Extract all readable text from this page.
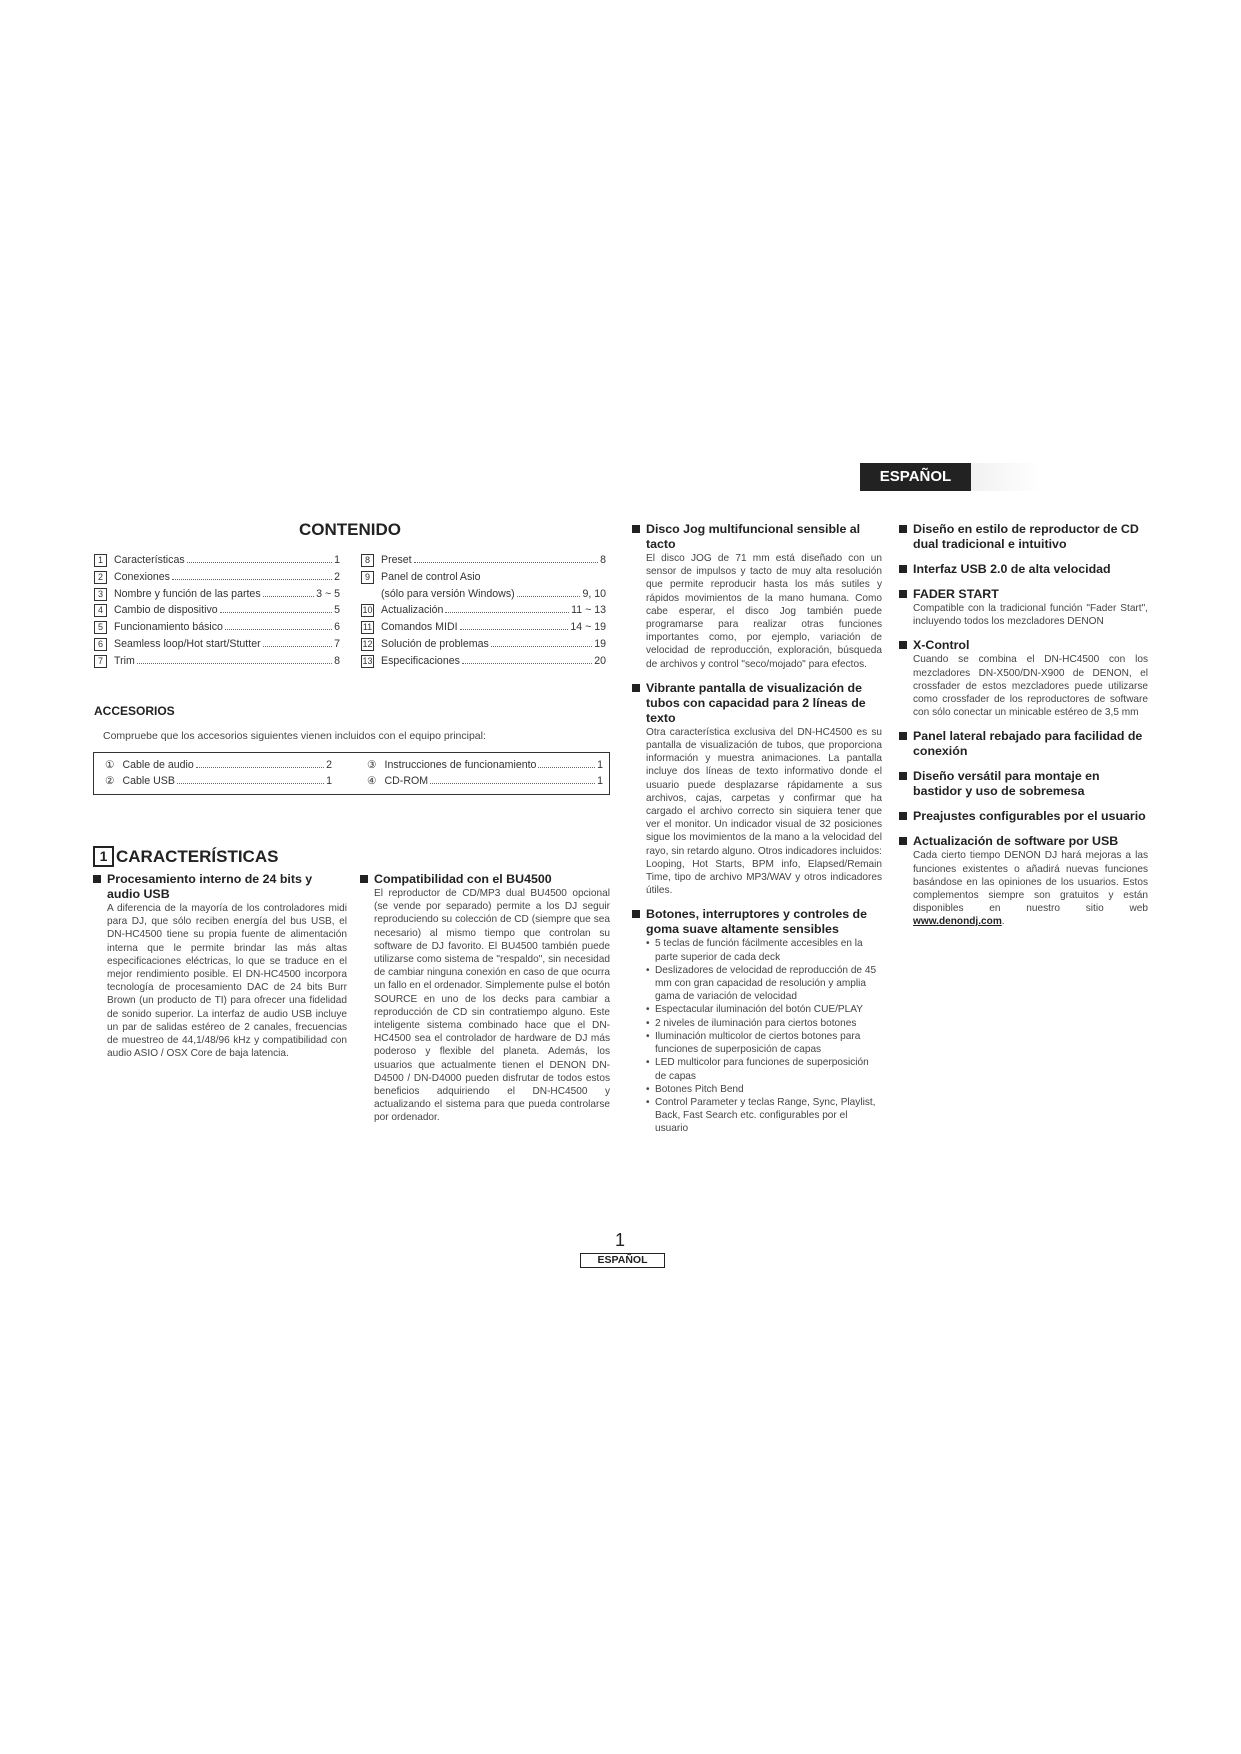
ESPAÑOL
CONTENIDO
1	Características	1
2	Conexiones	2
3	Nombre y función de las partes	3 ~ 5
4	Cambio de dispositivo	5
5	Funcionamiento básico	6
6	Seamless loop/Hot start/Stutter	7
7	Trim	8
8	Preset	8
9	Panel de control Asio
(sólo para versión Windows)	9, 10
10 Actualización	11 ~ 13
11 Comandos MIDI	14 ~ 19
12 Solución de problemas	19
13 Especificaciones	20
ACCESORIOS
Compruebe que los accesorios siguientes vienen incluidos con el equipo principal:
① Cable de audio	2
② Cable USB	1
③ Instrucciones de funcionamiento	1
④ CD-ROM	1
1 CARACTERÍSTICAS
Procesamiento interno de 24 bits y audio USB
A diferencia de la mayoría de los controladores midi para DJ, que sólo reciben energía del bus USB, el DN-HC4500 tiene su propia fuente de alimentación interna que le permite brindar las más altas especificaciones eléctricas, lo que se traduce en el mejor rendimiento posible. El DN-HC4500 incorpora tecnología de procesamiento DAC de 24 bits Burr Brown (un producto de TI) para ofrecer una fidelidad de sonido superior. La interfaz de audio USB incluye un par de salidas estéreo de 2 canales, frecuencias de muestreo de 44,1/48/96 kHz y compatibilidad con audio ASIO / OSX Core de baja latencia.
Compatibilidad con el BU4500
El reproductor de CD/MP3 dual BU4500 opcional (se vende por separado) permite a los DJ seguir reproduciendo su colección de CD (siempre que sea necesario) al mismo tiempo que controlan su software de DJ favorito. El BU4500 también puede utilizarse como sistema de "respaldo", sin necesidad de cambiar ninguna conexión en caso de que ocurra un fallo en el ordenador. Simplemente pulse el botón SOURCE en uno de los decks para cambiar a reproducción de CD sin contratiempo alguno. Este inteligente sistema combinado hace que el DN-HC4500 sea el controlador de hardware de DJ más poderoso y flexible del planeta. Además, los usuarios que actualmente tienen el DENON DN-D4500 / DN-D4000 pueden disfrutar de todos estos beneficios adquiriendo el DN-HC4500 y actualizando el sistema para que pueda controlarse por ordenador.
Disco Jog multifuncional sensible al tacto
El disco JOG de 71 mm está diseñado con un sensor de impulsos y tacto de muy alta resolución que permite reproducir hasta los más sutiles y rápidos movimientos de la mano humana. Como cabe esperar, el disco Jog también puede programarse para realizar otras funciones importantes como, por ejemplo, variación de velocidad de reproducción, exploración, búsqueda de archivos y control "seco/mojado" para efectos.
Vibrante pantalla de visualización de tubos con capacidad para 2 líneas de texto
Otra característica exclusiva del DN-HC4500 es su pantalla de visualización de tubos, que proporciona información y muestra animaciones. La pantalla incluye dos líneas de texto informativo donde el usuario puede desplazarse rápidamente a sus archivos, cajas, carpetas y confirmar que ha cargado el archivo correcto sin siquiera tener que ver el monitor. Un indicador visual de 32 posiciones sigue los movimientos de la mano a la velocidad del rayo, sin retardo alguno. Otros indicadores incluidos: Looping, Hot Starts, BPM info, Elapsed/Remain Time, tipo de archivo MP3/WAV y otros indicadores útiles.
Botones, interruptores y controles de goma suave altamente sensibles
• 5 teclas de función fácilmente accesibles en la parte superior de cada deck
• Deslizadores de velocidad de reproducción de 45 mm con gran capacidad de resolución y amplia gama de variación de velocidad
• Espectacular iluminación del botón CUE/PLAY
• 2 niveles de iluminación para ciertos botones
• Iluminación multicolor de ciertos botones para funciones de superposición de capas
• LED multicolor para funciones de superposición de capas
• Botones Pitch Bend
• Control Parameter y teclas Range, Sync, Playlist, Back, Fast Search etc. configurables por el usuario
Diseño en estilo de reproductor de CD dual tradicional e intuitivo
Interfaz USB 2.0 de alta velocidad
FADER START
Compatible con la tradicional función "Fader Start", incluyendo todos los mezcladores DENON
X-Control
Cuando se combina el DN-HC4500 con los mezcladores DN-X500/DN-X900 de DENON, el crossfader de estos mezcladores puede utilizarse como crossfader de los reproductores de software con sólo conectar un minicable estéreo de 3,5 mm
Panel lateral rebajado para facilidad de conexión
Diseño versátil para montaje en bastidor y uso de sobremesa
Preajustes configurables por el usuario
Actualización de software por USB
Cada cierto tiempo DENON DJ hará mejoras a las funciones existentes o añadirá nuevas funciones basándose en las opiniones de los usuarios. Estos complementos siempre son gratuitos y están disponibles en nuestro sitio web www.denondj.com.
1
ESPAÑOL
